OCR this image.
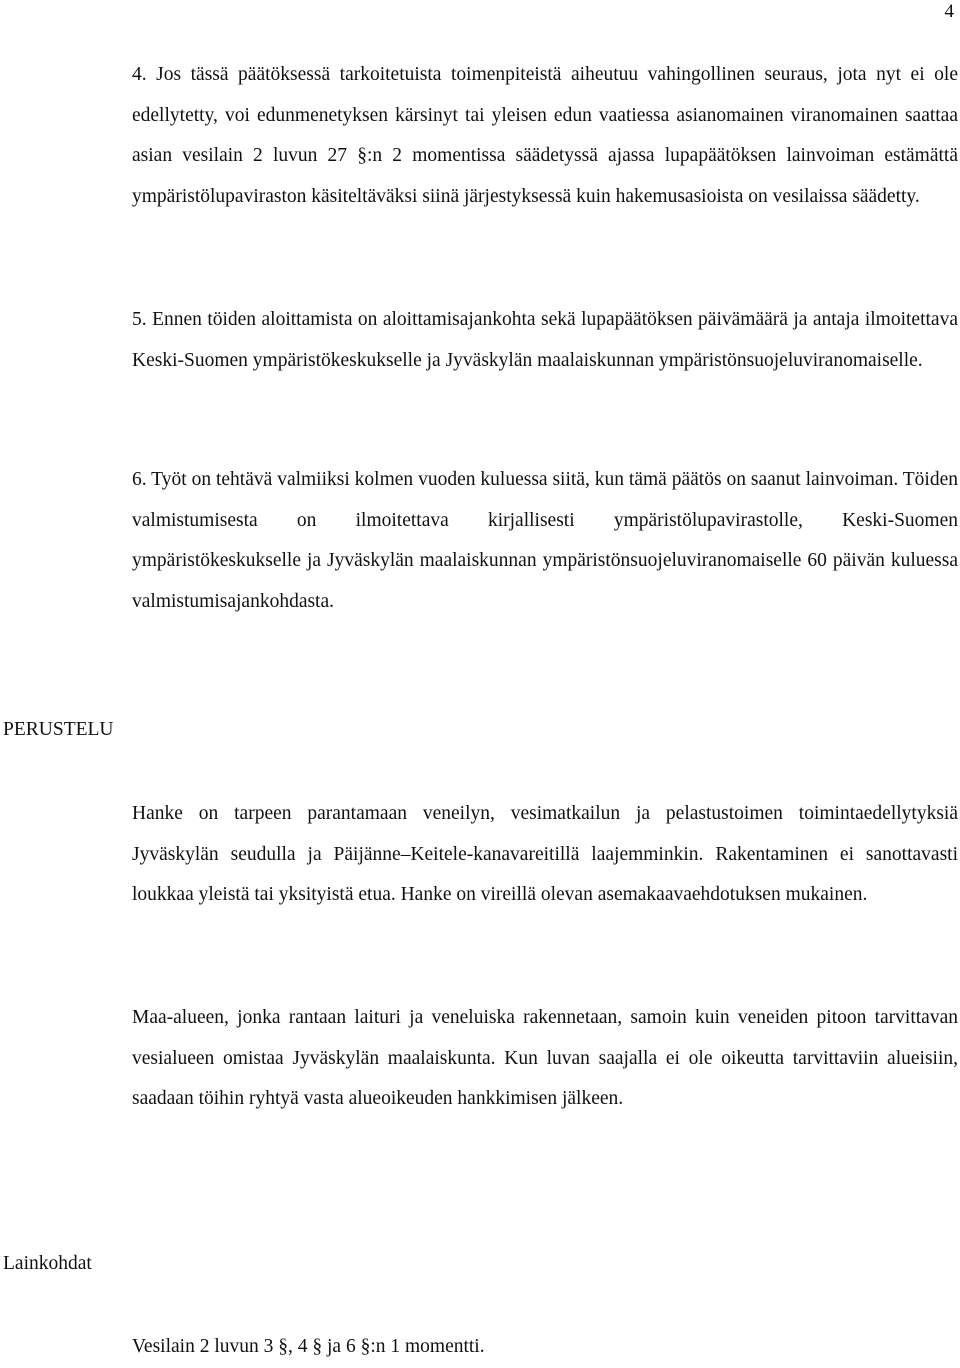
4

4. Jos tässä päätöksessä tarkoitetuista toimenpiteistä aiheutuu vahingollinen seuraus, jota nyt ei ole edellytetty, voi edunmenetyksen kärsinyt tai yleisen edun vaatiessa asianomainen viranomainen saattaa asian vesilain 2 luvun 27 §:n 2 momentissa säädetyssä ajassa lupapäätöksen lainvoiman estämättä ympäristölupaviraston käsiteltäväksi siinä järjestyksessä kuin hakemusasioista on vesilaissa säädetty.

5. Ennen töiden aloittamista on aloittamisajankohta sekä lupapäätöksen päivämäärä ja antaja ilmoitettava Keski-Suomen ympäristökeskukselle ja Jyväskylän maalaiskunnan ympäristönsuojeluviranomaiselle.

6. Työt on tehtävä valmiiksi kolmen vuoden kuluessa siitä, kun tämä päätös on saanut lainvoiman. Töiden valmistumisesta on ilmoitettava kirjallisesti ympäristölupavirastolle, Keski-Suomen ympäristökeskukselle ja Jyväskylän maalaiskunnan ympäristönsuojeluviranomaiselle 60 päivän kuluessa valmistumisajankohdasta.

PERUSTELU

Hanke on tarpeen parantamaan veneilyn, vesimatkailun ja pelastustoimen toimintaedellytyksiä Jyväskylän seudulla ja Päijänne–Keitele-kanavareitillä laajemminkin. Rakentaminen ei sanottavasti loukkaa yleistä tai yksityistä etua. Hanke on vireillä olevan asemakaavaehdotuksen mukainen.

Maa-alueen, jonka rantaan laituri ja veneluiska rakennetaan, samoin kuin veneiden pitoon tarvittavan vesialueen omistaa Jyväskylän maalaiskunta. Kun luvan saajalla ei ole oikeutta tarvittaviin alueisiin, saadaan töihin ryhtyä vasta alueoikeuden hankkimisen jälkeen.

Lainkohdat

Vesilain 2 luvun 3 §, 4 § ja 6 §:n 1 momentti.
